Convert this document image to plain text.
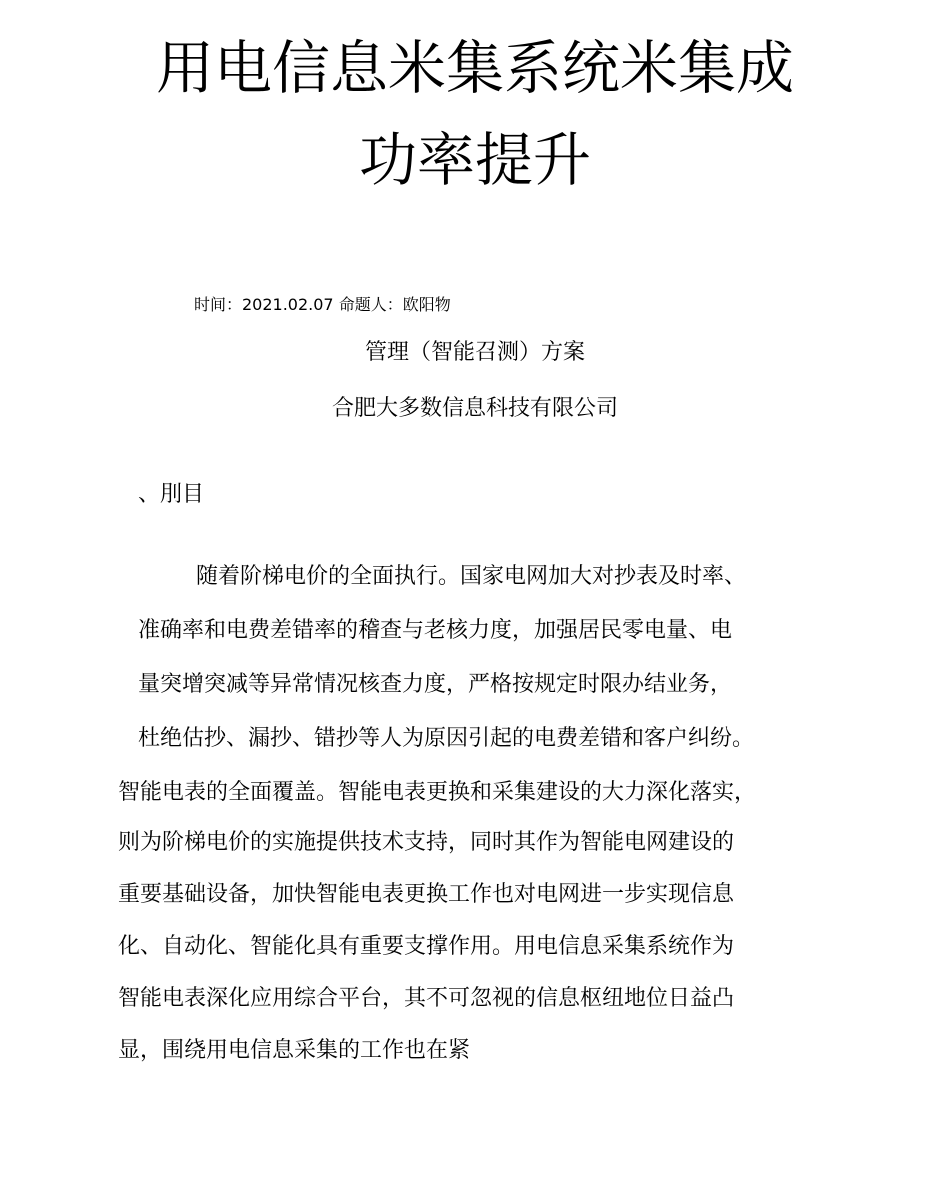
用电信息米集系统米集成
功率提升
时间：2021.02.07 命题人：欧阳物
管理（智能召测）方案
合肥大多数信息科技有限公司
、刖目
随着阶梯电价的全面执行。国家电网加大对抄表及时率、
准确率和电费差错率的稽查与老核力度，加强居民零电量、电
量突增突减等异常情况核查力度，严格按规定时限办结业务，
杜绝估抄、漏抄、错抄等人为原因引起的电费差错和客户纠纷。
智能电表的全面覆盖。智能电表更换和采集建设的大力深化落实，
则为阶梯电价的实施提供技术支持，同时其作为智能电网建设的
重要基础设备，加快智能电表更换工作也对电网进一步实现信息
化、自动化、智能化具有重要支撑作用。用电信息采集系统作为
智能电表深化应用综合平台，其不可忽视的信息枢纽地位日益凸
显，围绕用电信息采集的工作也在紧
